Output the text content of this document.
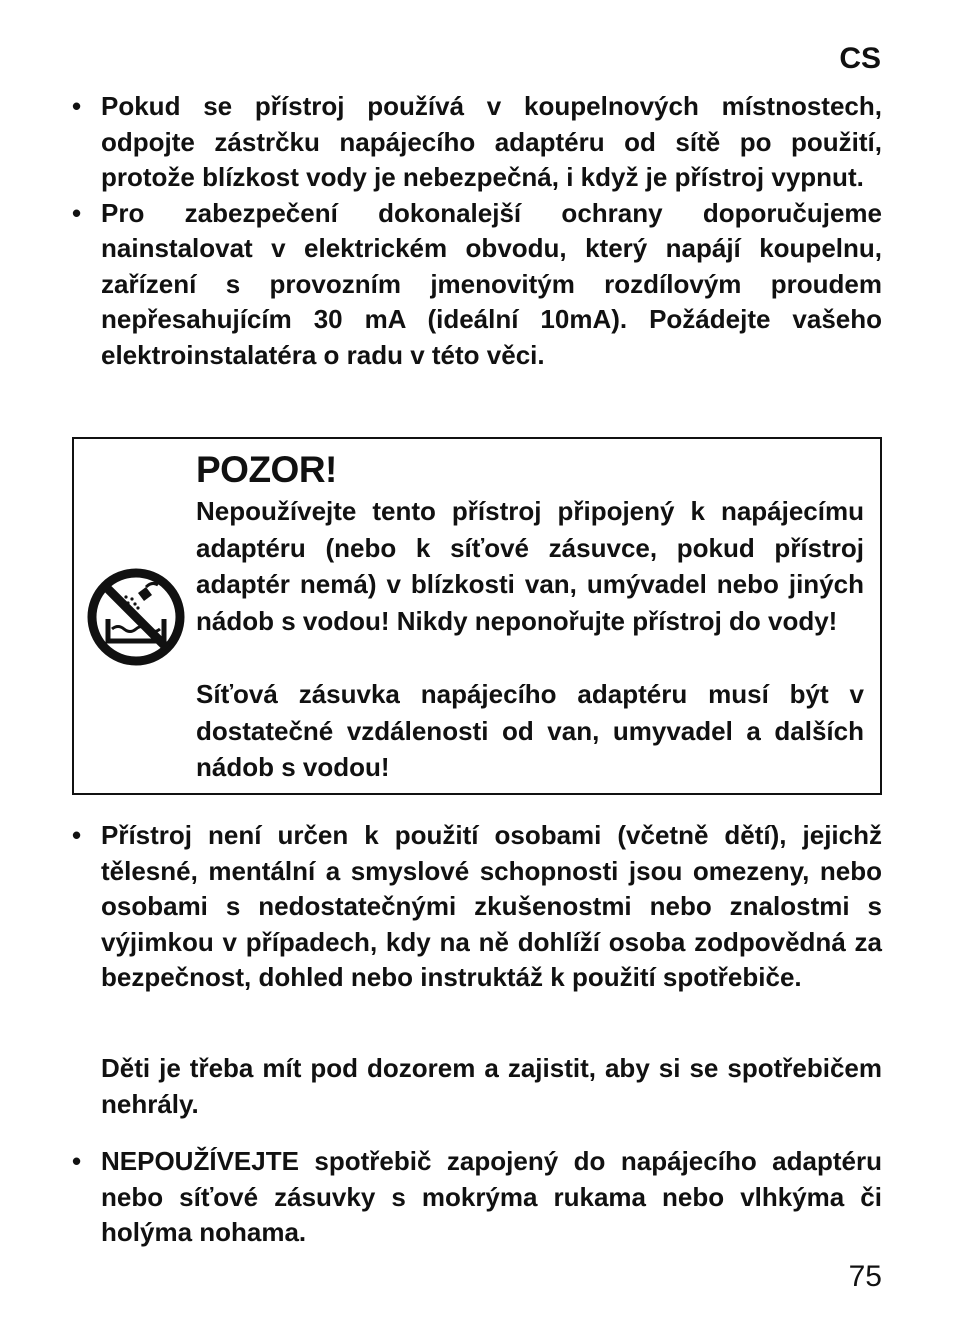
CS
• Pokud se přístroj používá v koupelnových místnostech, odpojte zástrčku napájecího adaptéru od sítě po použití, protože blízkost vody je nebezpečná, i když je přístroj vypnut.
• Pro zabezpečení dokonalejší ochrany doporučujeme nainstalovat v elektrickém obvodu, který napájí koupelnu, zařízení s provozním jmenovitým rozdílovým proudem nepřesahujícím 30 mA (ideální 10mA). Požádejte vašeho elektroinstalatéra o radu v této věci.
POZOR!
Nepoužívejte tento přístroj připojený k napájecímu adaptéru (nebo k síťové zásuvce, pokud přístroj adaptér nemá) v blízkosti van, umývadel nebo jiných nádob s vodou! Nikdy neponořujte přístroj do vody!
Síťová zásuvka napájecího adaptéru musí být v dostatečné vzdálenosti od van, umyvadel a dalších nádob s vodou!
• Přístroj není určen k použití osobami (včetně dětí), jejichž tělesné, mentální a smyslové schopnosti jsou omezeny, nebo osobami s nedostatečnými zkušenostmi nebo znalostmi s výjimkou v případech, kdy na ně dohlíží osoba zodpovědná za bezpečnost, dohled nebo instruktáž k použití spotřebiče.
Děti je třeba mít pod dozorem a zajistit, aby si se spotřebičem nehrály.
• NEPOUŽÍVEJTE spotřebič zapojený do napájecího adaptéru nebo síťové zásuvky s mokrýma rukama nebo vlhkýma či holýma nohama.
75
